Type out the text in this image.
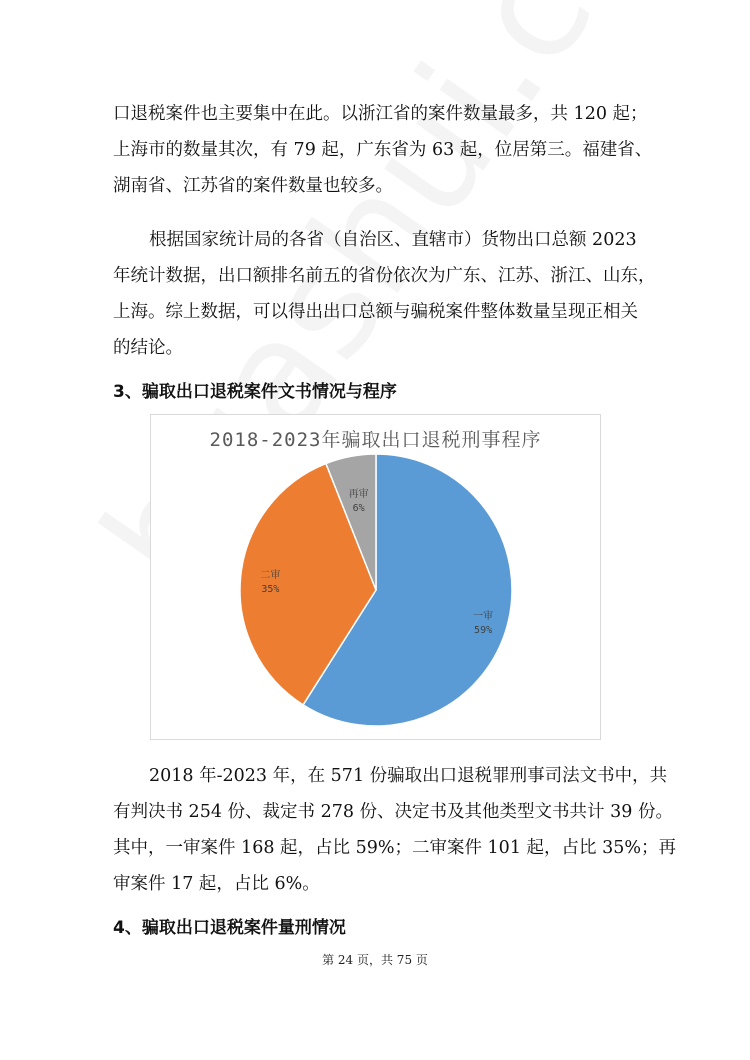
口退税案件也主要集中在此。以浙江省的案件数量最多，共 120 起；
上海市的数量其次，有 79 起，广东省为 63 起，位居第三。福建省、
湖南省、江苏省的案件数量也较多。
根据国家统计局的各省（自治区、直辖市）货物出口总额 2023
年统计数据，出口额排名前五的省份依次为广东、江苏、浙江、山东，
上海。综上数据，可以得出出口总额与骗税案件整体数量呈现正相关
的结论。
3、骗取出口退税案件文书情况与程序
2018-2023年骗取出口退税刑事程序
一审
59%
二审
35%
再审
6%
2018 年-2023 年，在 571 份骗取出口退税罪刑事司法文书中，共
有判决书 254 份、裁定书 278 份、决定书及其他类型文书共计 39 份。
其中，一审案件 168 起，占比 59%；二审案件 101 起，占比 35%；再
审案件 17 起，占比 6%。
4、骗取出口退税案件量刑情况
第 24 页，共 75 页
